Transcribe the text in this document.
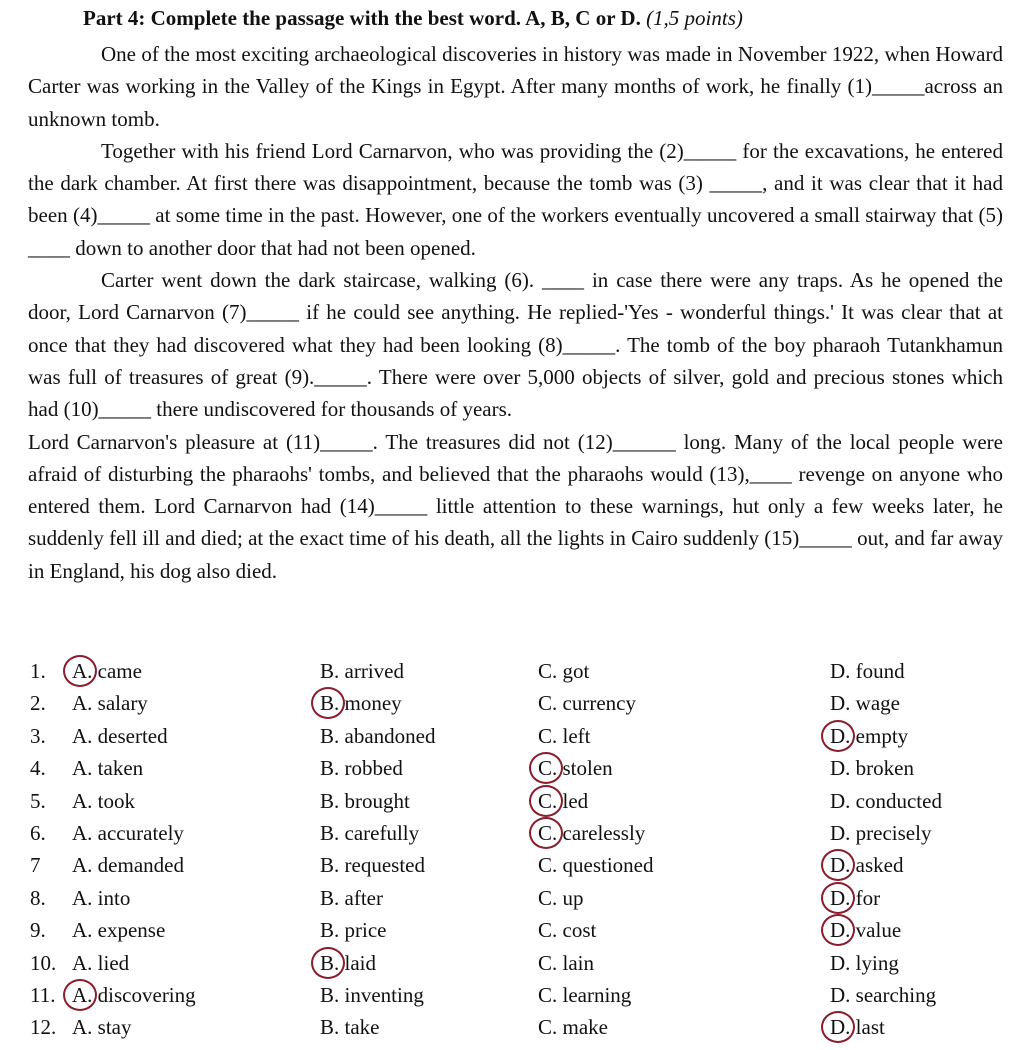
Part 4: Complete the passage with the best word. A, B, C or D. (1,5 points)

One of the most exciting archaeological discoveries in history was made in November 1922, when Howard Carter was working in the Valley of the Kings in Egypt. After many months of work, he finally (1)_____across an unknown tomb.

Together with his friend Lord Carnarvon, who was providing the (2)_____ for the excavations, he entered the dark chamber. At first there was disappointment, because the tomb was (3) _____, and it was clear that it had been (4)_____ at some time in the past. However, one of the workers eventually uncovered a small stairway that (5) ____ down to another door that had not been opened.

Carter went down the dark staircase, walking (6). ____ in case there were any traps. As he opened the door, Lord Carnarvon (7)_____ if he could see anything. He replied-'Yes - wonderful things.' It was clear that at once that they had discovered what they had been looking (8)_____. The tomb of the boy pharaoh Tutankhamun was full of treasures of great (9)._____. There were over 5,000 objects of silver, gold and precious stones which had (10)_____ there undiscovered for thousands of years.

Lord Carnarvon's pleasure at (11)_____. The treasures did not (12)______ long. Many of the local people were afraid of disturbing the pharaohs' tombs, and believed that the pharaohs would (13),____ revenge on anyone who entered them. Lord Carnarvon had (14)_____ little attention to these warnings, hut only a few weeks later, he suddenly fell ill and died; at the exact time of his death, all the lights in Cairo suddenly (15)_____ out, and far away in England, his dog also died.

1. A. came	B. arrived	C. got	D. found
2. A. salary	B. money	C. currency	D. wage
3. A. deserted	B. abandoned	C. left	D. empty
4. A. taken	B. robbed	C. stolen	D. broken
5. A. took	B. brought	C. led	D. conducted
6. A. accurately	B. carefully	C. carelessly	D. precisely
7 A. demanded	B. requested	C. questioned	D. asked
8. A. into	B. after	C. up	D. for
9. A. expense	B. price	C. cost	D. value
10. A. lied	B. laid	C. lain	D. lying
11. A. discovering	B. inventing	C. learning	D. searching
12. A. stay	B. take	C. make	D. last
